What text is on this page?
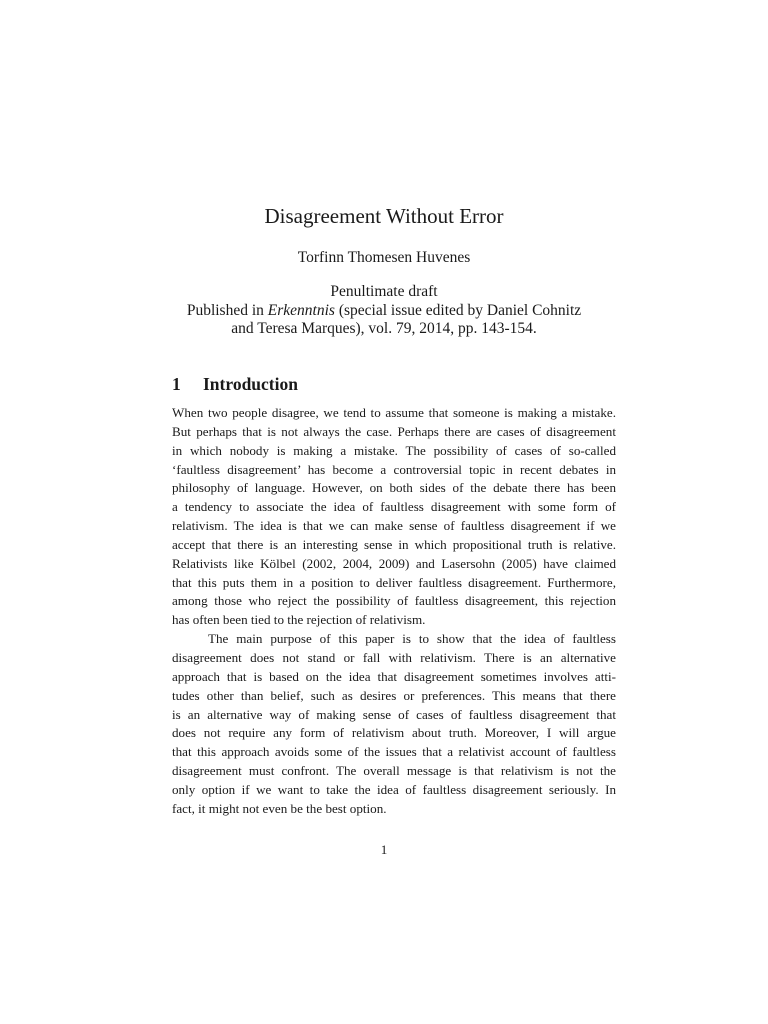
Disagreement Without Error
Torfinn Thomesen Huvenes
Penultimate draft
Published in Erkenntnis (special issue edited by Daniel Cohnitz
and Teresa Marques), vol. 79, 2014, pp. 143-154.
1 Introduction
When two people disagree, we tend to assume that someone is making a mistake.
But perhaps that is not always the case. Perhaps there are cases of disagreement
in which nobody is making a mistake. The possibility of cases of so-called
‘faultless disagreement’ has become a controversial topic in recent debates in
philosophy of language. However, on both sides of the debate there has been
a tendency to associate the idea of faultless disagreement with some form of
relativism. The idea is that we can make sense of faultless disagreement if we
accept that there is an interesting sense in which propositional truth is relative.
Relativists like Kölbel (2002, 2004, 2009) and Lasersohn (2005) have claimed
that this puts them in a position to deliver faultless disagreement. Furthermore,
among those who reject the possibility of faultless disagreement, this rejection
has often been tied to the rejection of relativism.
The main purpose of this paper is to show that the idea of faultless
disagreement does not stand or fall with relativism. There is an alternative
approach that is based on the idea that disagreement sometimes involves atti-
tudes other than belief, such as desires or preferences. This means that there
is an alternative way of making sense of cases of faultless disagreement that
does not require any form of relativism about truth. Moreover, I will argue
that this approach avoids some of the issues that a relativist account of faultless
disagreement must confront. The overall message is that relativism is not the
only option if we want to take the idea of faultless disagreement seriously. In
fact, it might not even be the best option.
1
